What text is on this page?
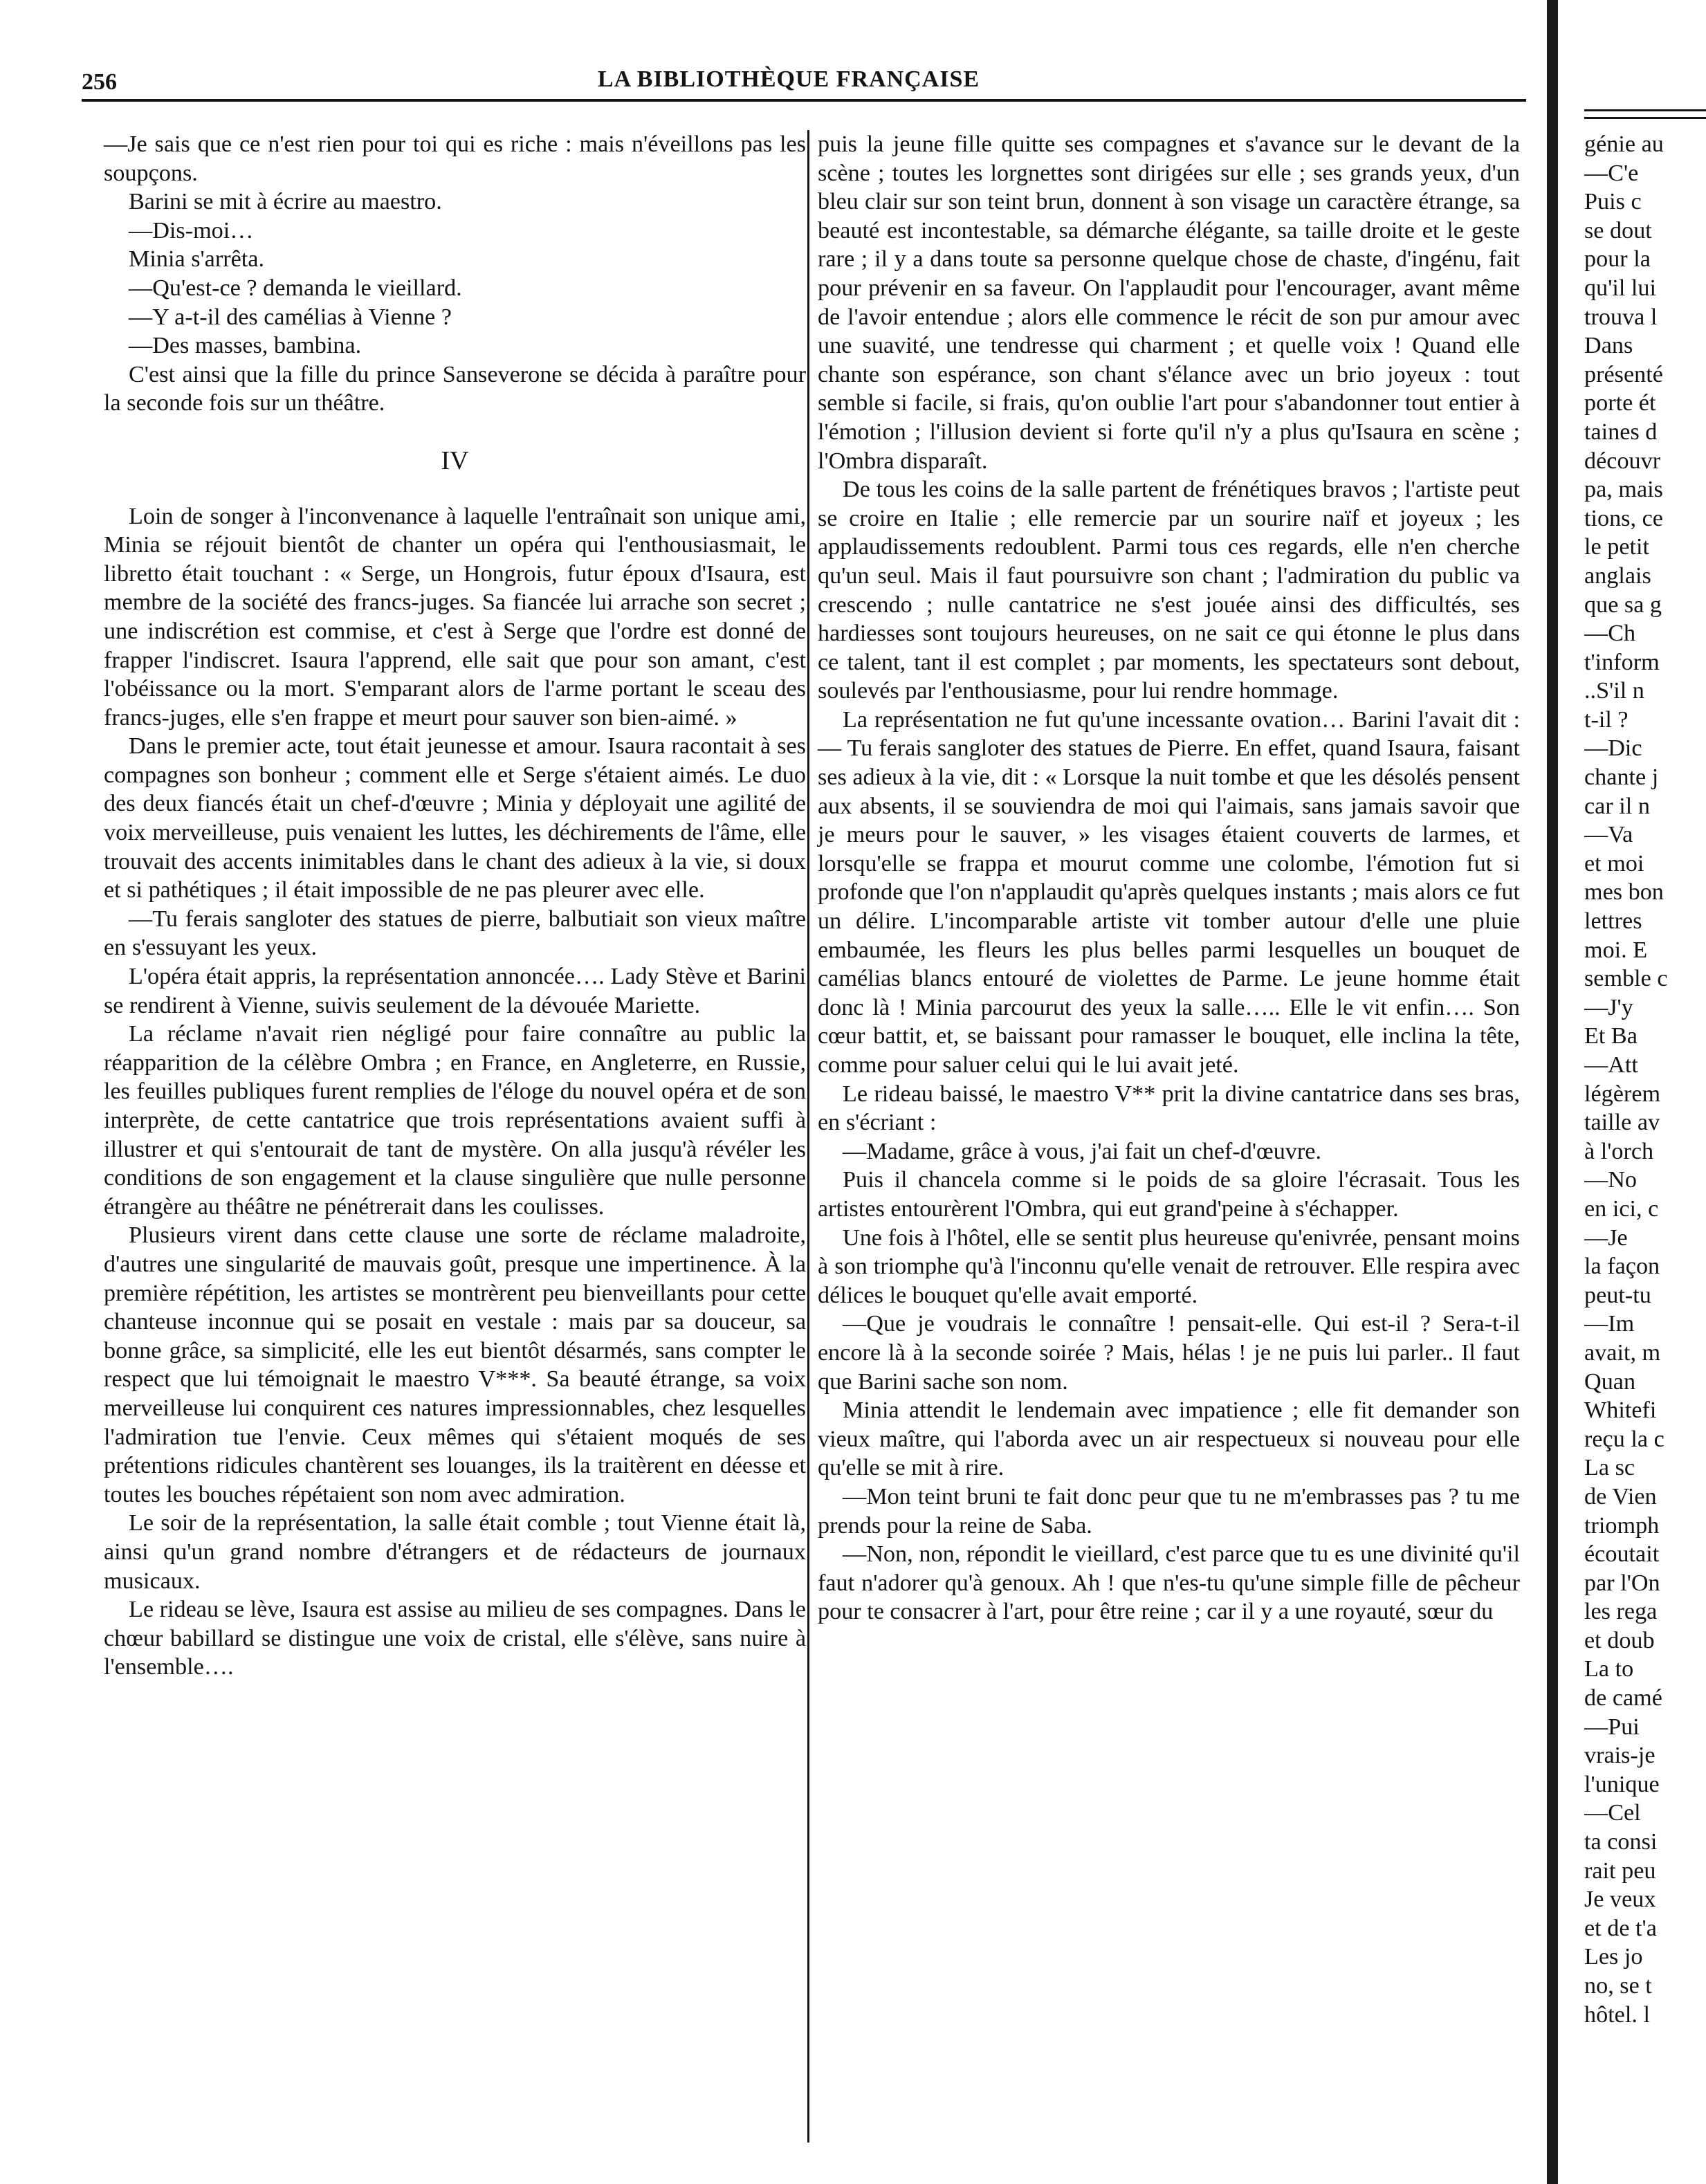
256	LA BIBLIOTHÈQUE FRANÇAISE

—Je sais que ce n'est rien pour toi qui es riche : mais n'éveillons pas les soupçons.

Barini se mit à écrire au maestro.

—Dis-moi…

Minia s'arrêta.

—Qu'est-ce ? demanda le vieillard.

—Y a-t-il des camélias à Vienne ?

—Des masses, bambina.

C'est ainsi que la fille du prince Sanseverone se décida à paraître pour la seconde fois sur un théâtre.

IV

Loin de songer à l'inconvenance à laquelle l'entraînait son unique ami, Minia se réjouit bientôt de chanter un opéra qui l'enthousiasmait, le libretto était touchant : « Serge, un Hongrois, futur époux d'Isaura, est membre de la société des francs-juges. Sa fiancée lui arrache son secret ; une indiscrétion est commise, et c'est à Serge que l'ordre est donné de frapper l'indiscret. Isaura l'apprend, elle sait que pour son amant, c'est l'obéissance ou la mort. S'emparant alors de l'arme portant le sceau des francs-juges, elle s'en frappe et meurt pour sauver son bien-aimé. »

Dans le premier acte, tout était jeunesse et amour. Isaura racontait à ses compagnes son bonheur ; comment elle et Serge s'étaient aimés. Le duo des deux fiancés était un chef-d'œuvre ; Minia y déployait une agilité de voix merveilleuse, puis venaient les luttes, les déchirements de l'âme, elle trouvait des accents inimitables dans le chant des adieux à la vie, si doux et si pathétiques ; il était impossible de ne pas pleurer avec elle.

—Tu ferais sangloter des statues de pierre, balbutiait son vieux maître en s'essuyant les yeux.

L'opéra était appris, la représentation annoncée…. Lady Stève et Barini se rendirent à Vienne, suivis seulement de la dévouée Mariette.

La réclame n'avait rien négligé pour faire connaître au public la réapparition de la célèbre Ombra ; en France, en Angleterre, en Russie, les feuilles publiques furent remplies de l'éloge du nouvel opéra et de son interprète, de cette cantatrice que trois représentations avaient suffi à illustrer et qui s'entourait de tant de mystère. On alla jusqu'à révéler les conditions de son engagement et la clause singulière que nulle personne étrangère au théâtre ne pénétrerait dans les coulisses.

Plusieurs virent dans cette clause une sorte de réclame maladroite, d'autres une singularité de mauvais goût, presque une impertinence. À la première répétition, les artistes se montrèrent peu bienveillants pour cette chanteuse inconnue qui se posait en vestale : mais par sa douceur, sa bonne grâce, sa simplicité, elle les eut bientôt désarmés, sans compter le respect que lui témoignait le maestro V***. Sa beauté étrange, sa voix merveilleuse lui conquirent ces natures impressionnables, chez lesquelles l'admiration tue l'envie. Ceux mêmes qui s'étaient moqués de ses prétentions ridicules chantèrent ses louanges, ils la traitèrent en déesse et toutes les bouches répétaient son nom avec admiration.

Le soir de la représentation, la salle était comble ; tout Vienne était là, ainsi qu'un grand nombre d'étrangers et de rédacteurs de journaux musicaux.

Le rideau se lève, Isaura est assise au milieu de ses compagnes. Dans le chœur babillard se distingue une voix de cristal, elle s'élève, sans nuire à l'ensemble….

puis la jeune fille quitte ses compagnes et s'avance sur le devant de la scène ; toutes les lorgnettes sont dirigées sur elle ; ses grands yeux, d'un bleu clair sur son teint brun, donnent à son visage un caractère étrange, sa beauté est incontestable, sa démarche élégante, sa taille droite et le geste rare ; il y a dans toute sa personne quelque chose de chaste, d'ingénu, fait pour prévenir en sa faveur. On l'applaudit pour l'encourager, avant même de l'avoir entendue ; alors elle commence le récit de son pur amour avec une suavité, une tendresse qui charment ; et quelle voix ! Quand elle chante son espérance, son chant s'élance avec un brio joyeux : tout semble si facile, si frais, qu'on oublie l'art pour s'abandonner tout entier à l'émotion ; l'illusion devient si forte qu'il n'y a plus qu'Isaura en scène ; l'Ombra disparaît.

De tous les coins de la salle partent de frénétiques bravos ; l'artiste peut se croire en Italie ; elle remercie par un sourire naïf et joyeux ; les applaudissements redoublent. Parmi tous ces regards, elle n'en cherche qu'un seul. Mais il faut poursuivre son chant ; l'admiration du public va crescendo ; nulle cantatrice ne s'est jouée ainsi des difficultés, ses hardiesses sont toujours heureuses, on ne sait ce qui étonne le plus dans ce talent, tant il est complet ; par moments, les spectateurs sont debout, soulevés par l'enthousiasme, pour lui rendre hommage.

La représentation ne fut qu'une incessante ovation… Barini l'avait dit : — Tu ferais sangloter des statues de Pierre. En effet, quand Isaura, faisant ses adieux à la vie, dit : « Lorsque la nuit tombe et que les désolés pensent aux absents, il se souviendra de moi qui l'aimais, sans jamais savoir que je meurs pour le sauver, » les visages étaient couverts de larmes, et lorsqu'elle se frappa et mourut comme une colombe, l'émotion fut si profonde que l'on n'applaudit qu'après quelques instants ; mais alors ce fut un délire. L'incomparable artiste vit tomber autour d'elle une pluie embaumée, les fleurs les plus belles parmi lesquelles un bouquet de camélias blancs entouré de violettes de Parme. Le jeune homme était donc là ! Minia parcourut des yeux la salle….. Elle le vit enfin…. Son cœur battit, et, se baissant pour ramasser le bouquet, elle inclina la tête, comme pour saluer celui qui le lui avait jeté.

Le rideau baissé, le maestro V** prit la divine cantatrice dans ses bras, en s'écriant :

—Madame, grâce à vous, j'ai fait un chef-d'œuvre.

Puis il chancela comme si le poids de sa gloire l'écrasait. Tous les artistes entourèrent l'Ombra, qui eut grand'peine à s'échapper.

Une fois à l'hôtel, elle se sentit plus heureuse qu'enivrée, pensant moins à son triomphe qu'à l'inconnu qu'elle venait de retrouver. Elle respira avec délices le bouquet qu'elle avait emporté.

—Que je voudrais le connaître ! pensait-elle. Qui est-il ? Sera-t-il encore là à la seconde soirée ? Mais, hélas ! je ne puis lui parler.. Il faut que Barini sache son nom.

Minia attendit le lendemain avec impatience ; elle fit demander son vieux maître, qui l'aborda avec un air respectueux si nouveau pour elle qu'elle se mit à rire.

—Mon teint bruni te fait donc peur que tu ne m'embrasses pas ? tu me prends pour la reine de Saba.

—Non, non, répondit le vieillard, c'est parce que tu es une divinité qu'il faut n'adorer qu'à genoux. Ah ! que n'es-tu qu'une simple fille de pêcheur pour te consacrer à l'art, pour être reine ; car il y a une royauté, sœur du

génie au

—C'e

Puis c

se dout

pour la

qu'il lui

trouva l

Dans

présenté

porte ét

taines d

découvr

pa, mais

tions, ce

le petit

anglais

que sa g

—Ch

t'inform

..S'il n

t-il ?

—Dic

chante j

car il n

—Va

et moi

mes bon

lettres

moi. E

semble c

—J'y

Et Ba

—Att

légèrem

taille av

à l'orch

—No

en ici, c

—Je

la façon

peut-tu

—Im

avait, m

Quan

Whitefi

reçu la c

La sc

de Vien

triomph

écoutait

par l'On

les rega

et doub

La to

de camé

—Pui

vrais-je

l'unique

—Cel

ta consi

rait peu

Je veux

et de t'a

Les jo

no, se t

hôtel. l
